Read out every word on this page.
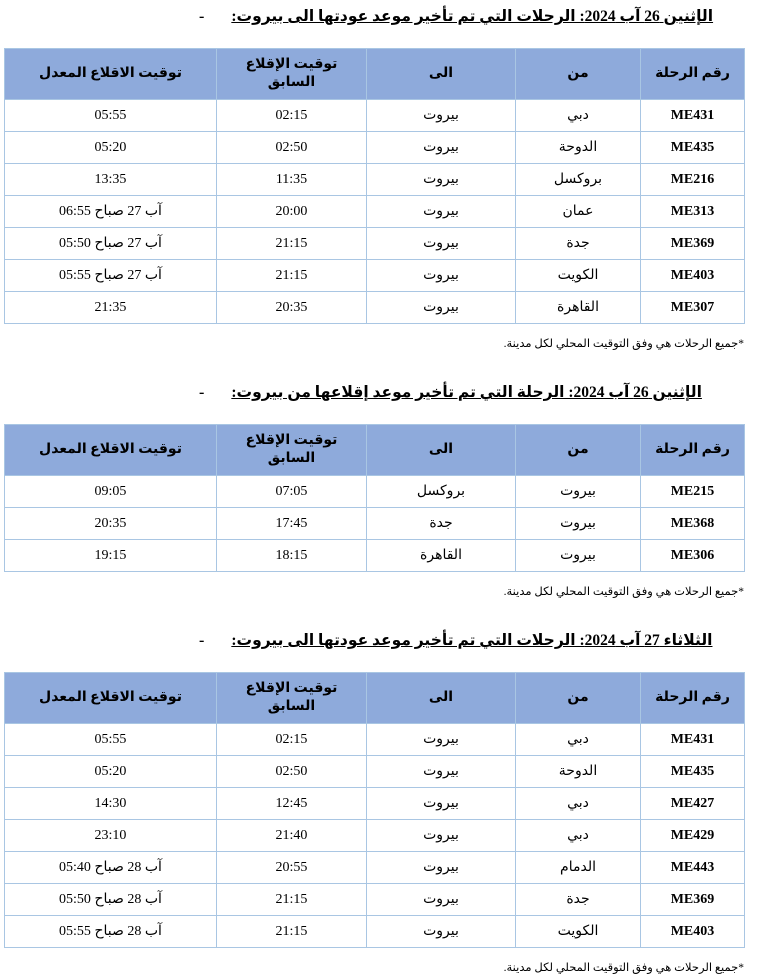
- الإثنين 26 آب 2024: الرحلات التي تم تأخير موعد عودتها الى بيروت:
رقم الرحلة	من	الى	توقيت الإقلاع السابق	توقيت الاقلاع المعدل
ME431	دبي	بيروت	02:15	05:55
ME435	الدوحة	بيروت	02:50	05:20
ME216	بروكسل	بيروت	11:35	13:35
ME313	عمان	بيروت	20:00	آب 27 صباح 06:55
ME369	جدة	بيروت	21:15	آب 27 صباح 05:50
ME403	الكويت	بيروت	21:15	آب 27 صباح 05:55
ME307	القاهرة	بيروت	20:35	21:35

*جميع الرحلات هي وفق التوقيت المحلي لكل مدينة.

- الإثنين 26 آب 2024: الرحلة التي تم تأخير موعد إقلاعها من بيروت:
رقم الرحلة	من	الى	توقيت الإقلاع السابق	توقيت الاقلاع المعدل
ME215	بيروت	بروكسل	07:05	09:05
ME368	بيروت	جدة	17:45	20:35
ME306	بيروت	القاهرة	18:15	19:15

*جميع الرحلات هي وفق التوقيت المحلي لكل مدينة.

- الثلاثاء 27 آب 2024: الرحلات التي تم تأخير موعد عودتها الى بيروت:
رقم الرحلة	من	الى	توقيت الإقلاع السابق	توقيت الاقلاع المعدل
ME431	دبي	بيروت	02:15	05:55
ME435	الدوحة	بيروت	02:50	05:20
ME427	دبي	بيروت	12:45	14:30
ME429	دبي	بيروت	21:40	23:10
ME443	الدمام	بيروت	20:55	آب 28 صباح 05:40
ME369	جدة	بيروت	21:15	آب 28 صباح 05:50
ME403	الكويت	بيروت	21:15	آب 28 صباح 05:55

*جميع الرحلات هي وفق التوقيت المحلي لكل مدينة.
